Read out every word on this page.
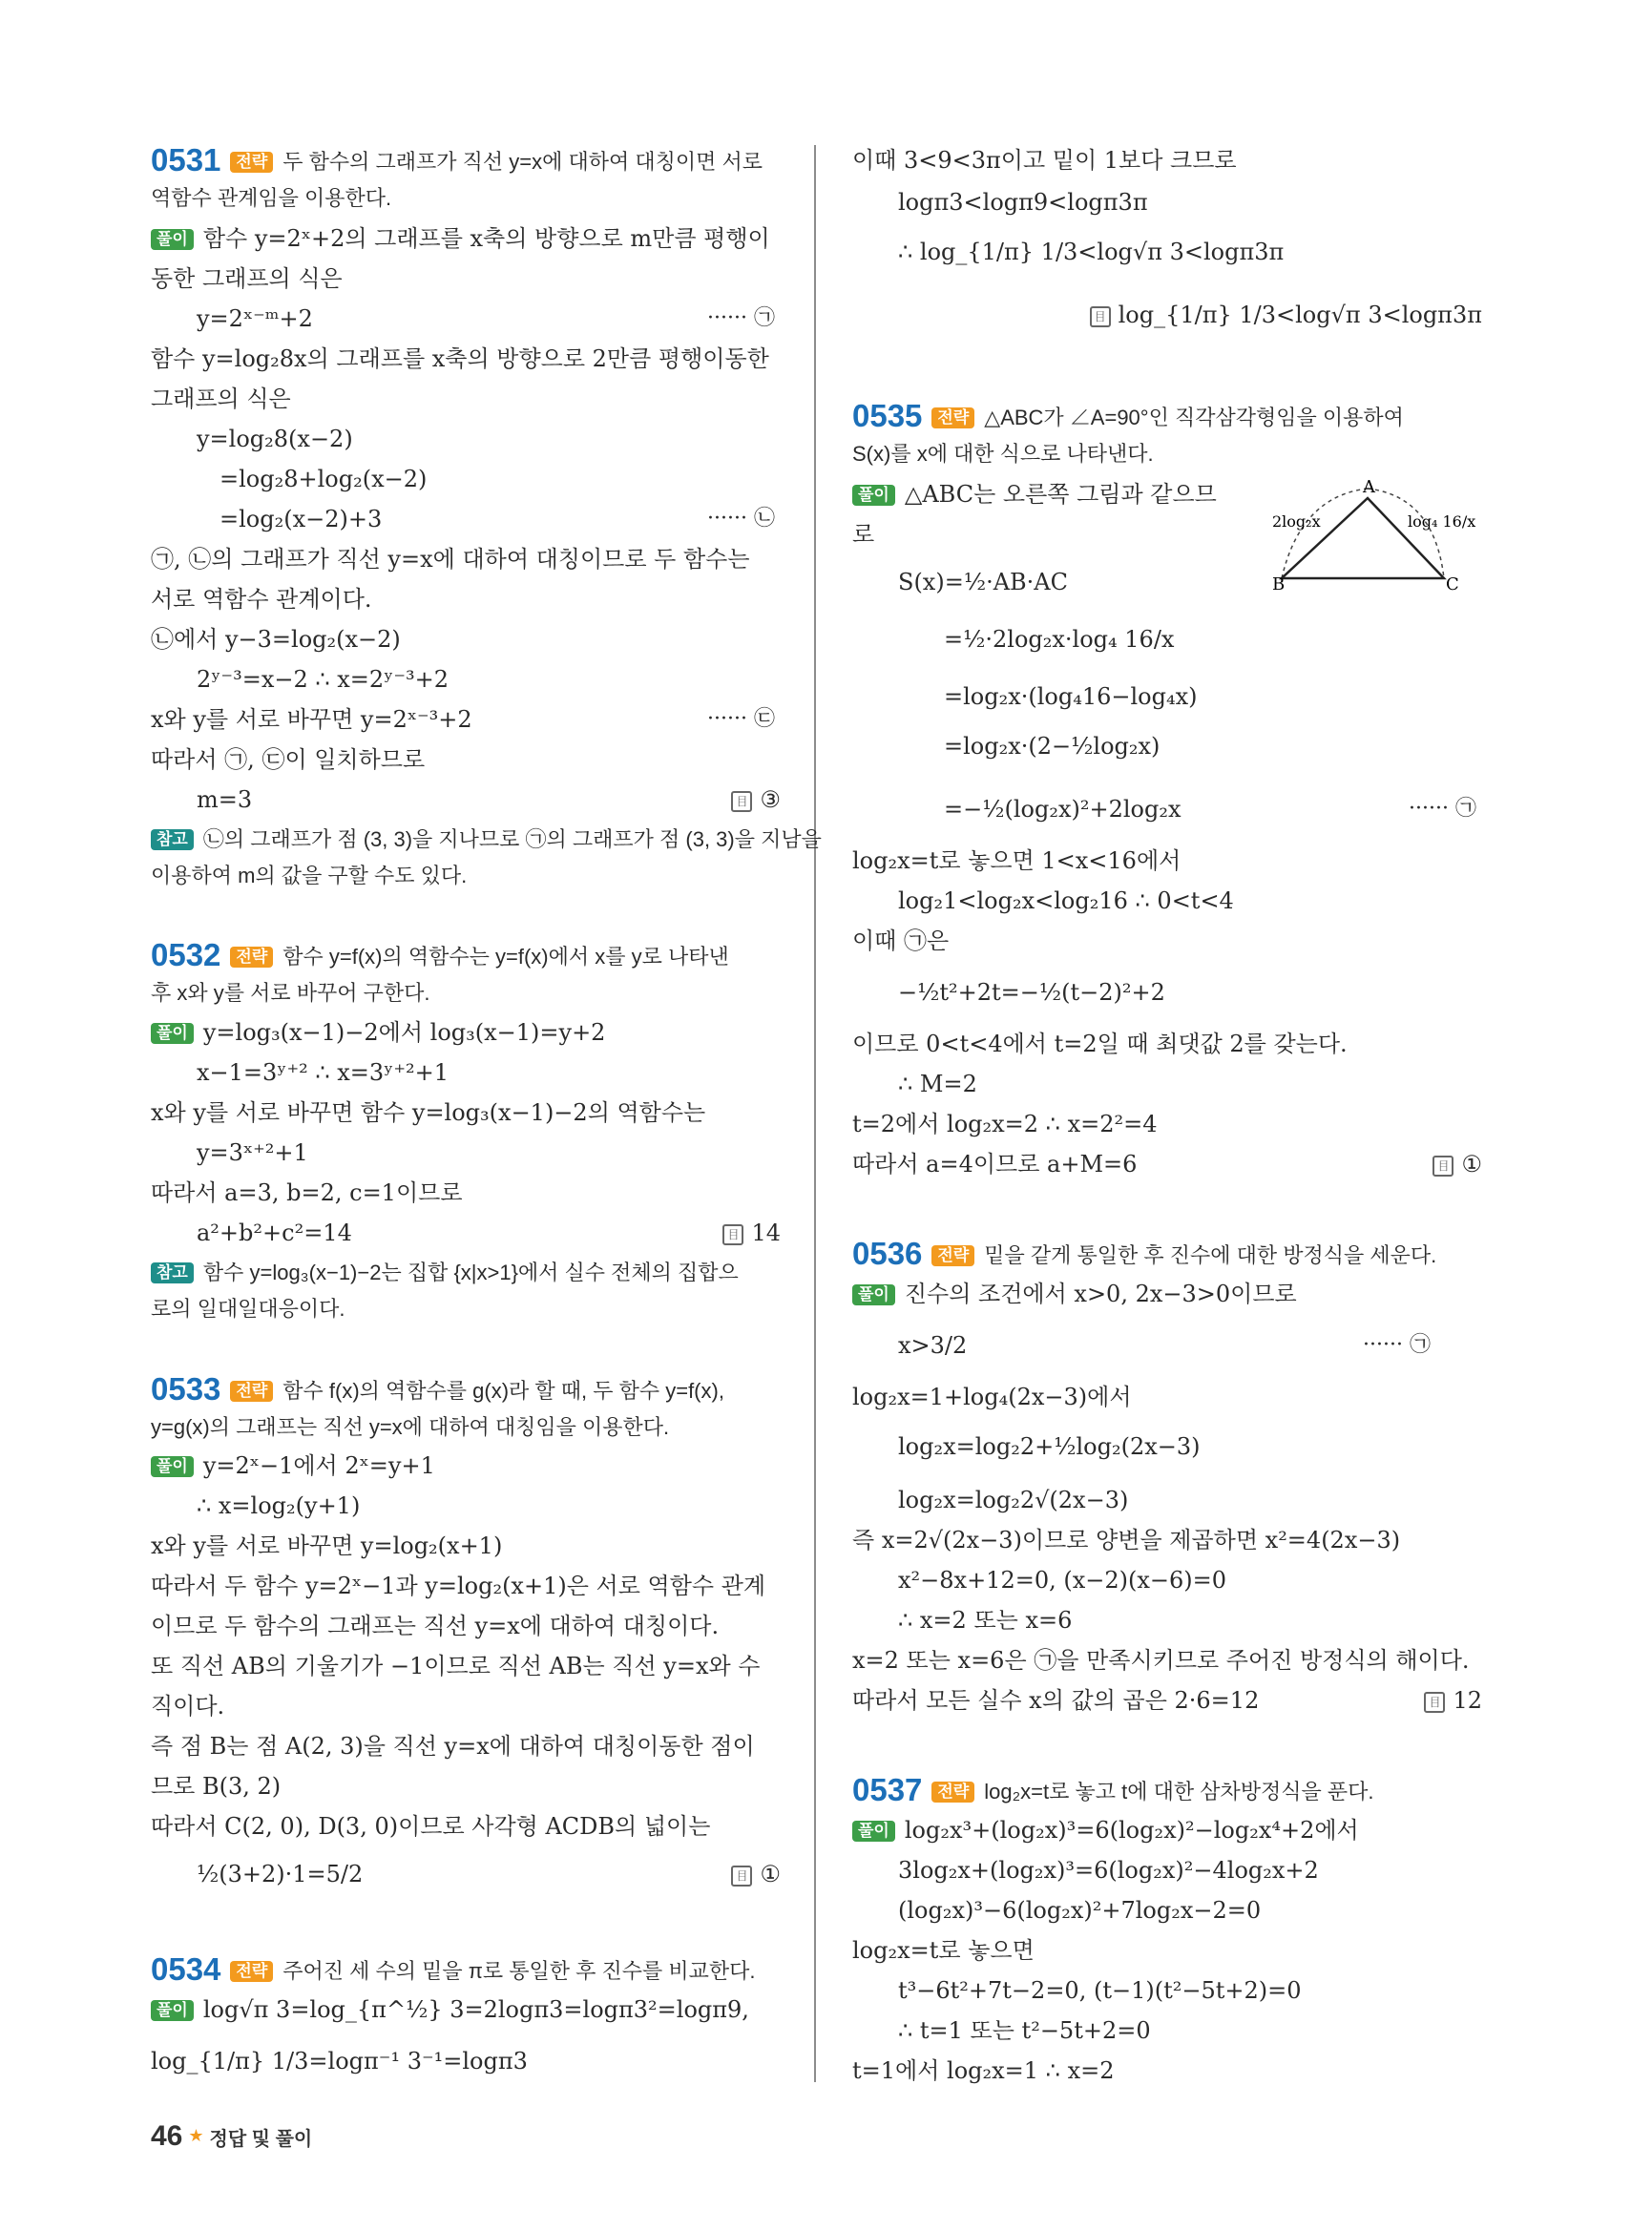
0531 전략 두 함수의 그래프가 직선 y=x에 대하여 대칭이면 서로
역함수 관계임을 이용한다.
풀이 함수 y=2ˣ+2의 그래프를 x축의 방향으로 m만큼 평행이
동한 그래프의 식은
y=2ˣ⁻ᵐ+2	······ ㉠
함수 y=log₂8x의 그래프를 x축의 방향으로 2만큼 평행이동한
그래프의 식은
y=log₂8(x−2)
=log₂8+log₂(x−2)
=log₂(x−2)+3	······ ㉡
㉠, ㉡의 그래프가 직선 y=x에 대하여 대칭이므로 두 함수는
서로 역함수 관계이다.
㉡에서 y−3=log₂(x−2)
2ʸ⁻³=x−2 ∴ x=2ʸ⁻³+2
x와 y를 서로 바꾸면 y=2ˣ⁻³+2	······ ㉢
따라서 ㉠, ㉢이 일치하므로
m=3	目 ③
참고 ㉡의 그래프가 점 (3, 3)을 지나므로 ㉠의 그래프가 점 (3, 3)을 지남을
이용하여 m의 값을 구할 수도 있다.
0532 전략 함수 y=f(x)의 역함수는 y=f(x)에서 x를 y로 나타낸
후 x와 y를 서로 바꾸어 구한다.
풀이 y=log₃(x−1)−2에서 log₃(x−1)=y+2
x−1=3ʸ⁺² ∴ x=3ʸ⁺²+1
x와 y를 서로 바꾸면 함수 y=log₃(x−1)−2의 역함수는
y=3ˣ⁺²+1
따라서 a=3, b=2, c=1이므로
a²+b²+c²=14	目 14
참고 함수 y=log₃(x−1)−2는 집합 {x|x>1}에서 실수 전체의 집합으
로의 일대일대응이다.
0533 전략 함수 f(x)의 역함수를 g(x)라 할 때, 두 함수 y=f(x),
y=g(x)의 그래프는 직선 y=x에 대하여 대칭임을 이용한다.
풀이 y=2ˣ−1에서 2ˣ=y+1
∴ x=log₂(y+1)
x와 y를 서로 바꾸면 y=log₂(x+1)
따라서 두 함수 y=2ˣ−1과 y=log₂(x+1)은 서로 역함수 관계
이므로 두 함수의 그래프는 직선 y=x에 대하여 대칭이다.
또 직선 AB의 기울기가 −1이므로 직선 AB는 직선 y=x와 수
직이다.
즉 점 B는 점 A(2, 3)을 직선 y=x에 대하여 대칭이동한 점이
므로 B(3, 2)
따라서 C(2, 0), D(3, 0)이므로 사각형 ACDB의 넓이는
½(3+2)·1=5/2	目 ①
0534 전략 주어진 세 수의 밑을 π로 통일한 후 진수를 비교한다.
풀이 log√π 3=log_{π^½} 3=2logπ3=logπ3²=logπ9,
log_{1/π} 1/3=logπ⁻¹ 3⁻¹=logπ3
이때 3<9<3π이고 밑이 1보다 크므로
logπ3<logπ9<logπ3π
∴ log_{1/π} 1/3<log√π 3<logπ3π
目 log_{1/π} 1/3<log√π 3<logπ3π
0535 전략 △ABC가 ∠A=90°인 직각삼각형임을 이용하여
S(x)를 x에 대한 식으로 나타낸다.
풀이 △ABC는 오른쪽 그림과 같으므
로
A
B	C
2log₂x	log₄ 16/x
S(x)=½·AB·AC
=½·2log₂x·log₄ 16/x
=log₂x·(log₄16−log₄x)
=log₂x·(2−½log₂x)
=−½(log₂x)²+2log₂x	······ ㉠
log₂x=t로 놓으면 1<x<16에서
log₂1<log₂x<log₂16 ∴ 0<t<4
이때 ㉠은
−½t²+2t=−½(t−2)²+2
이므로 0<t<4에서 t=2일 때 최댓값 2를 갖는다.
∴ M=2
t=2에서 log₂x=2 ∴ x=2²=4
따라서 a=4이므로 a+M=6	目 ①
0536 전략 밑을 같게 통일한 후 진수에 대한 방정식을 세운다.
풀이 진수의 조건에서 x>0, 2x−3>0이므로
x>3/2	······ ㉠
log₂x=1+log₄(2x−3)에서
log₂x=log₂2+½log₂(2x−3)
log₂x=log₂2√(2x−3)
즉 x=2√(2x−3)이므로 양변을 제곱하면 x²=4(2x−3)
x²−8x+12=0, (x−2)(x−6)=0
∴ x=2 또는 x=6
x=2 또는 x=6은 ㉠을 만족시키므로 주어진 방정식의 해이다.
따라서 모든 실수 x의 값의 곱은 2·6=12	目 12
0537 전략 log₂x=t로 놓고 t에 대한 삼차방정식을 푼다.
풀이 log₂x³+(log₂x)³=6(log₂x)²−log₂x⁴+2에서
3log₂x+(log₂x)³=6(log₂x)²−4log₂x+2
(log₂x)³−6(log₂x)²+7log₂x−2=0
log₂x=t로 놓으면
t³−6t²+7t−2=0, (t−1)(t²−5t+2)=0
∴ t=1 또는 t²−5t+2=0
t=1에서 log₂x=1 ∴ x=2
46 ★ 정답 및 풀이
